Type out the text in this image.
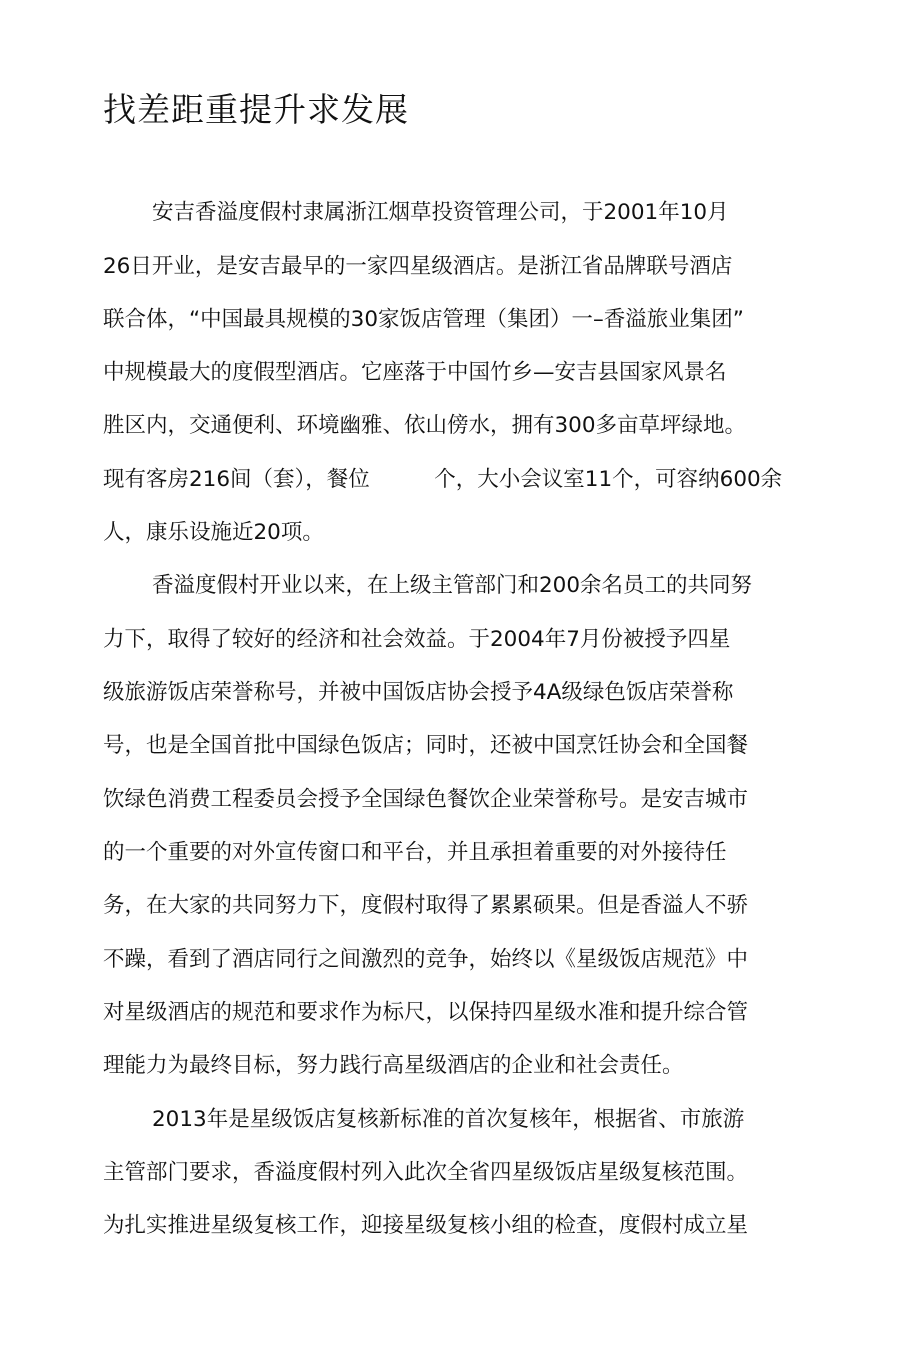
找差距重提升求发展

安吉香溢度假村隶属浙江烟草投资管理公司，于2001年10月

26日开业，是安吉最早的一家四星级酒店。是浙江省品牌联号酒店

联合体，“中国最具规模的30家饭店管理（集团）一–香溢旅业集团”

中规模最大的度假型酒店。它座落于中国竹乡—安吉县国家风景名

胜区内，交通便利、环境幽雅、依山傍水，拥有300多亩草坪绿地。

现有客房216间（套），餐位　　　个，大小会议室11个，可容纳600余

人，康乐设施近20项。

香溢度假村开业以来，在上级主管部门和200余名员工的共同努

力下，取得了较好的经济和社会效益。于2004年7月份被授予四星

级旅游饭店荣誉称号，并被中国饭店协会授予4A级绿色饭店荣誉称

号，也是全国首批中国绿色饭店；同时，还被中国烹饪协会和全国餐

饮绿色消费工程委员会授予全国绿色餐饮企业荣誉称号。是安吉城市

的一个重要的对外宣传窗口和平台，并且承担着重要的对外接待任

务，在大家的共同努力下，度假村取得了累累硕果。但是香溢人不骄

不躁，看到了酒店同行之间激烈的竞争，始终以《星级饭店规范》中

对星级酒店的规范和要求作为标尺，以保持四星级水准和提升综合管

理能力为最终目标，努力践行高星级酒店的企业和社会责任。

2013年是星级饭店复核新标准的首次复核年，根据省、市旅游

主管部门要求，香溢度假村列入此次全省四星级饭店星级复核范围。

为扎实推进星级复核工作，迎接星级复核小组的检查，度假村成立星
